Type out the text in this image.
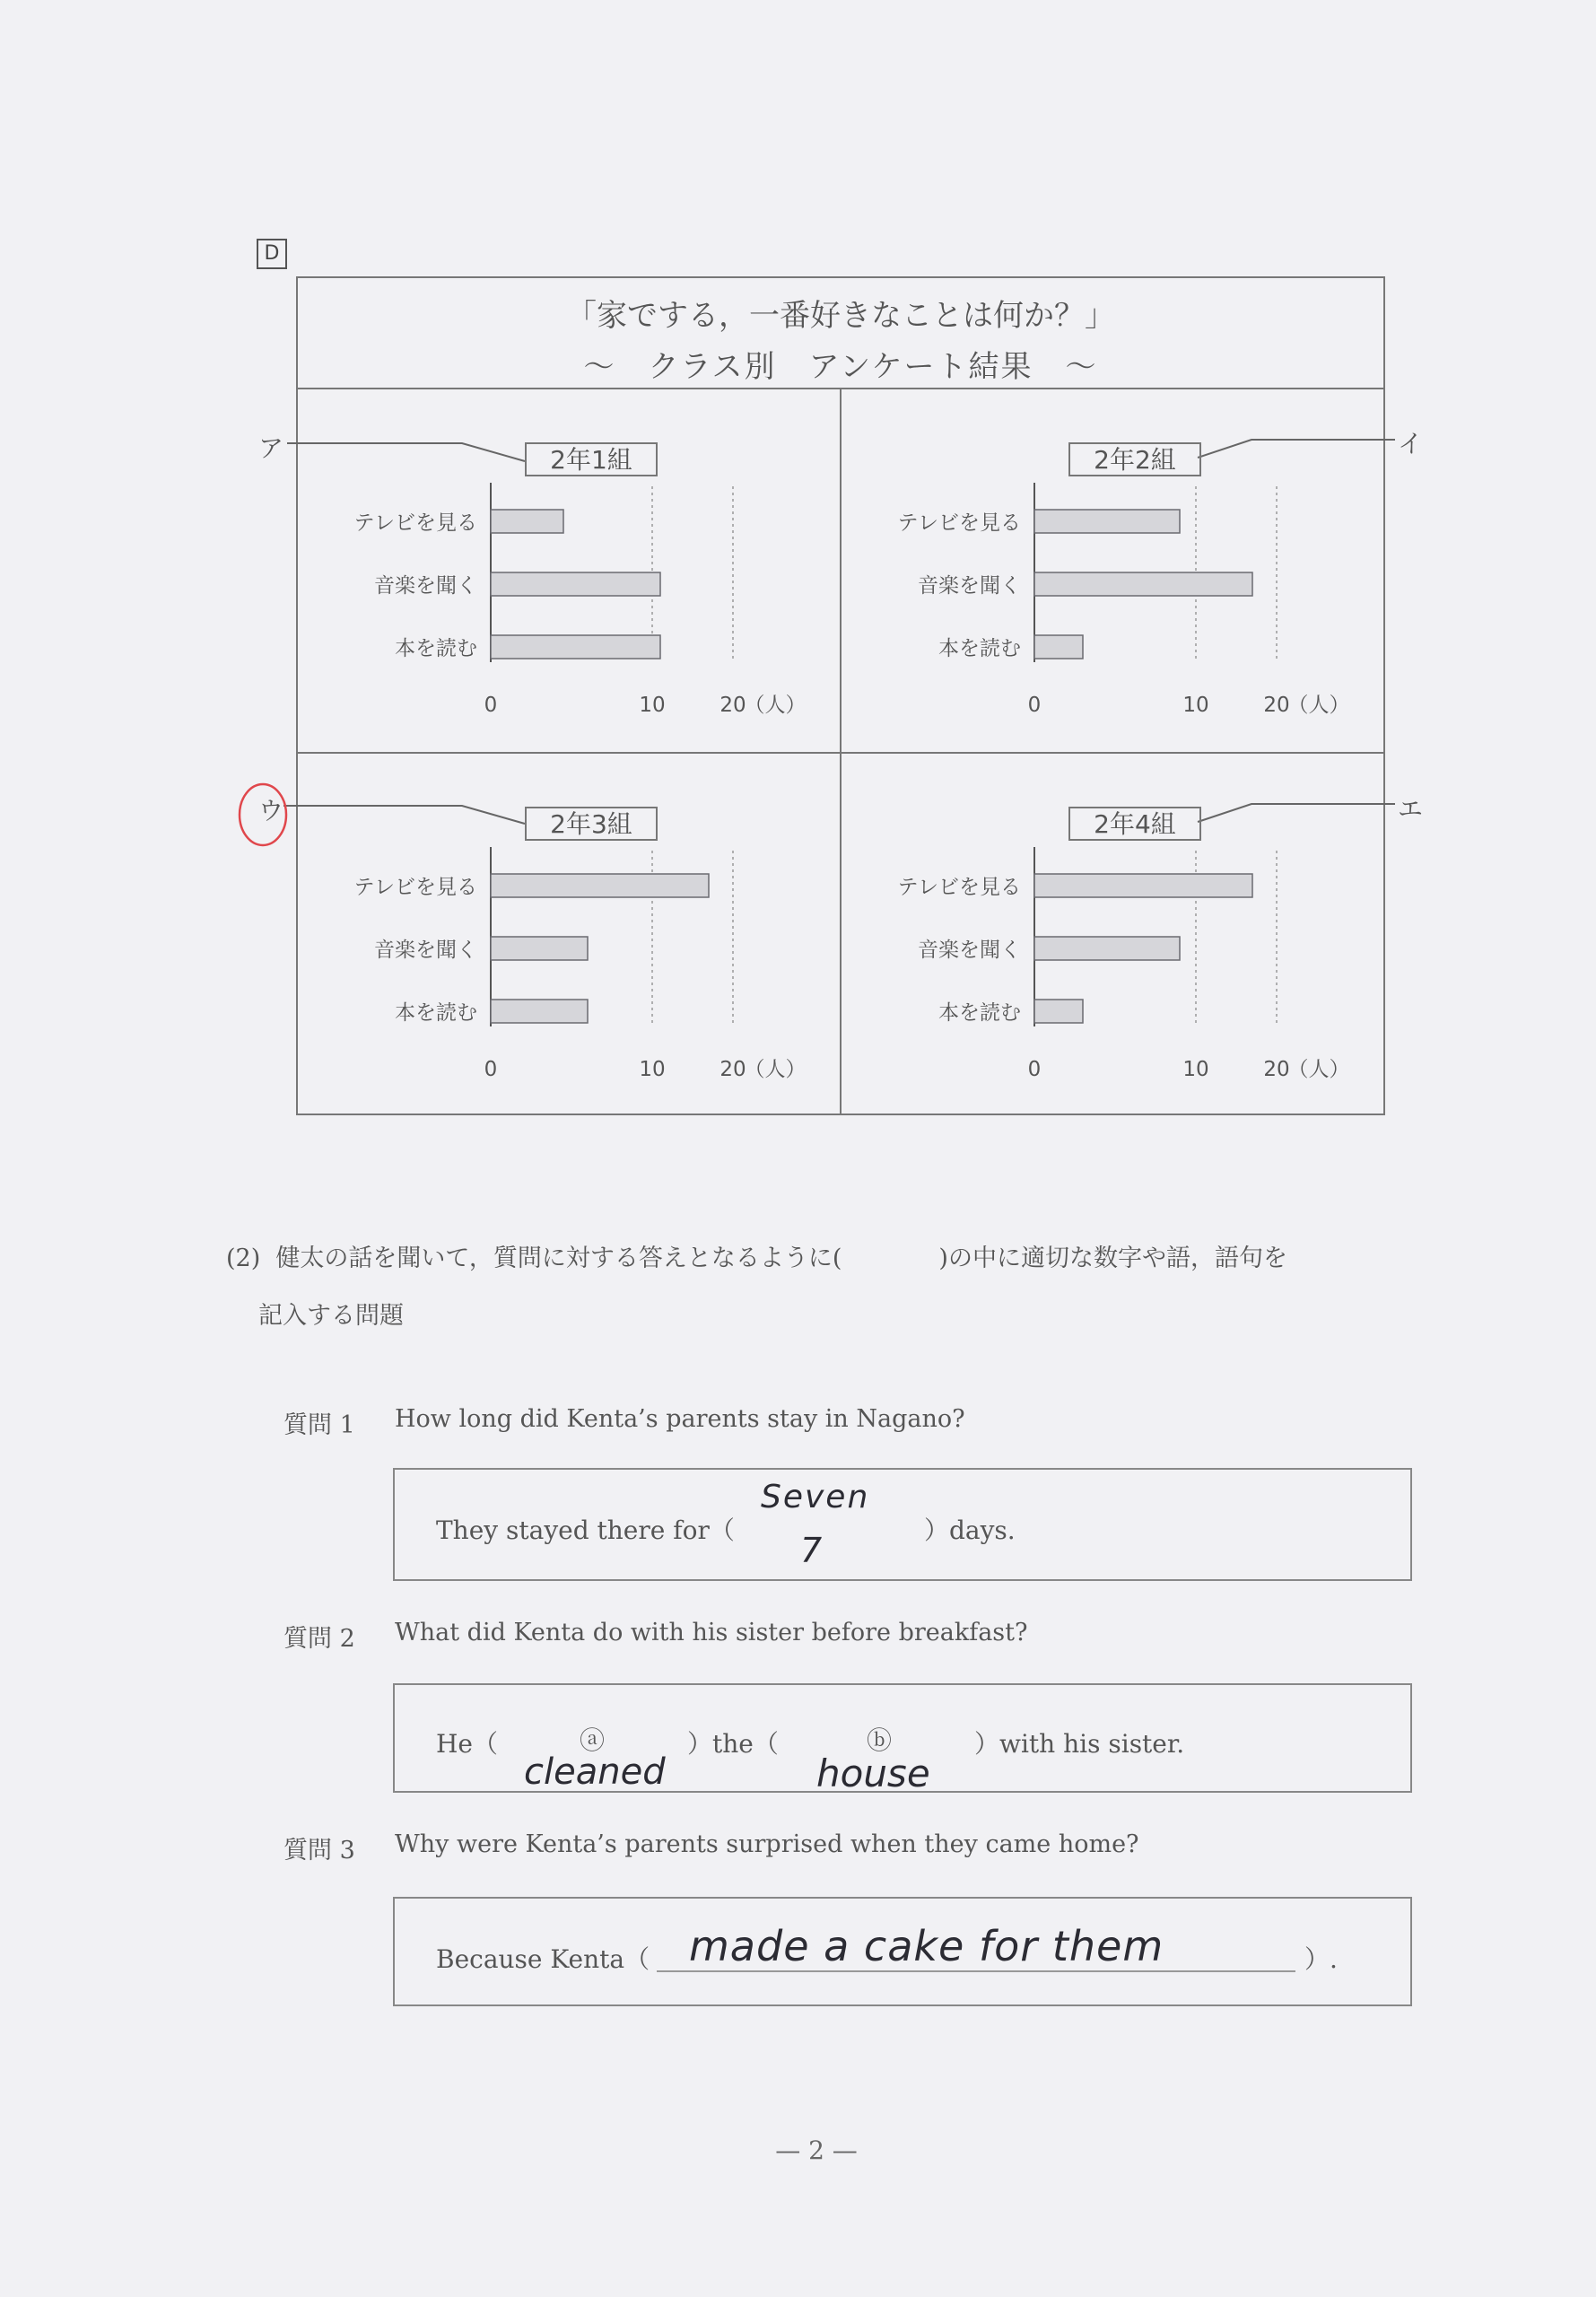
D
「家でする，一番好きなことは何か？」
～　クラス別　アンケート結果　～
ア	イ
ウ	エ
2年1組
テレビを見る
音楽を聞く
本を読む
0	10	20
（人）
2年2組
テレビを見る
音楽を聞く
本を読む
0	10	20
（人）
2年3組
テレビを見る
音楽を聞く
本を読む
0	10	20
（人）
2年4組
テレビを見る
音楽を聞く
本を読む
0	10	20
（人）
(2) 健太の話を聞いて，質問に対する答えとなるように(　　　　)の中に適切な数字や語，語句を
記入する問題
質問 1 How long did Kenta’s parents stay in Nagano?
They stayed there for（	）days.
Seven
7
質問 2 What did Kenta do with his sister before breakfast?
He（	ⓐ	）the（	ⓑ	）with his sister.
cleaned	house
質問 3 Why were Kenta’s parents surprised when they came home?
Because Kenta（	）.
made a cake for them
— 2 —
